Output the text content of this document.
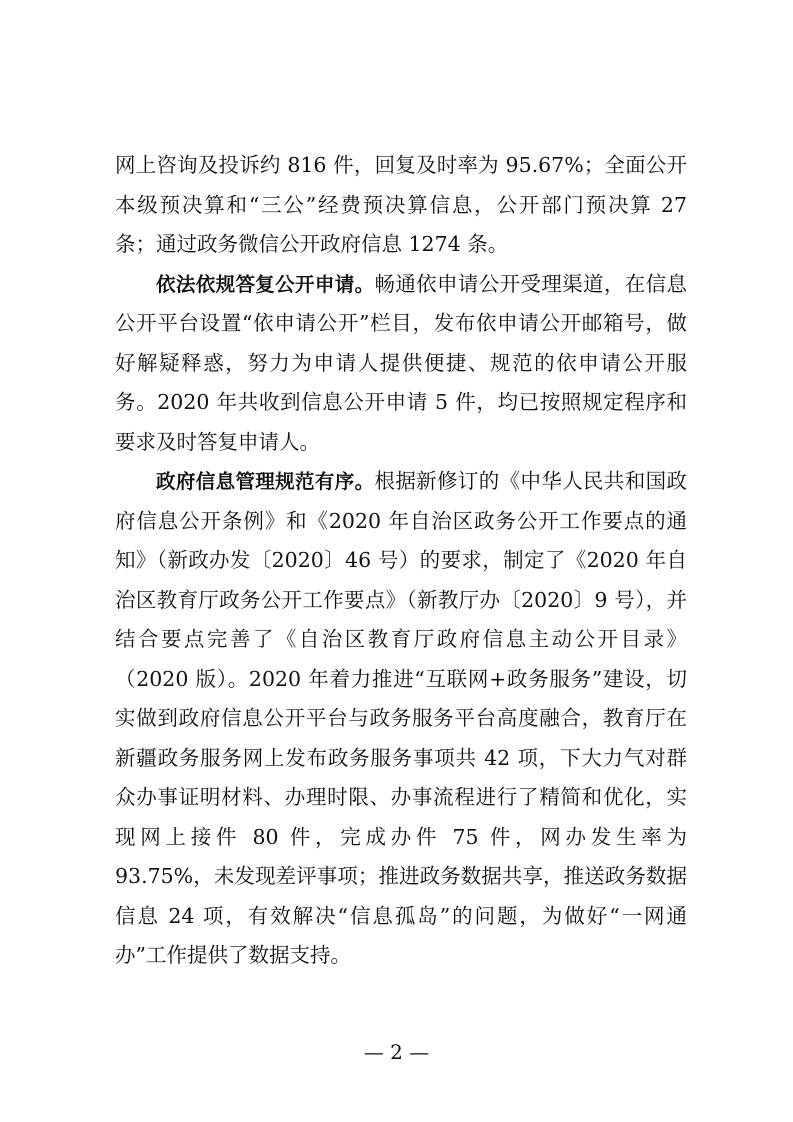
网上咨询及投诉约 816 件，回复及时率为 95.67%；全面公开本级预决算和“三公”经费预决算信息，公开部门预决算 27 条；通过政务微信公开政府信息 1274 条。

依法依规答复公开申请。畅通依申请公开受理渠道，在信息公开平台设置“依申请公开”栏目，发布依申请公开邮箱号，做好解疑释惑，努力为申请人提供便捷、规范的依申请公开服务。2020 年共收到信息公开申请 5 件，均已按照规定程序和要求及时答复申请人。

政府信息管理规范有序。根据新修订的《中华人民共和国政府信息公开条例》和《2020 年自治区政务公开工作要点的通知》（新政办发〔2020〕46 号）的要求，制定了《2020 年自治区教育厅政务公开工作要点》（新教厅办〔2020〕9 号），并结合要点完善了《自治区教育厅政府信息主动公开目录》（2020 版）。2020 年着力推进“互联网+政务服务”建设，切实做到政府信息公开平台与政务服务平台高度融合，教育厅在新疆政务服务网上发布政务服务事项共 42 项，下大力气对群众办事证明材料、办理时限、办事流程进行了精简和优化，实现网上接件 80 件，完成办件 75 件，网办发生率为 93.75%，未发现差评事项；推进政务数据共享，推送政务数据信息 24 项，有效解决“信息孤岛”的问题，为做好“一网通办”工作提供了数据支持。

— 2 —
